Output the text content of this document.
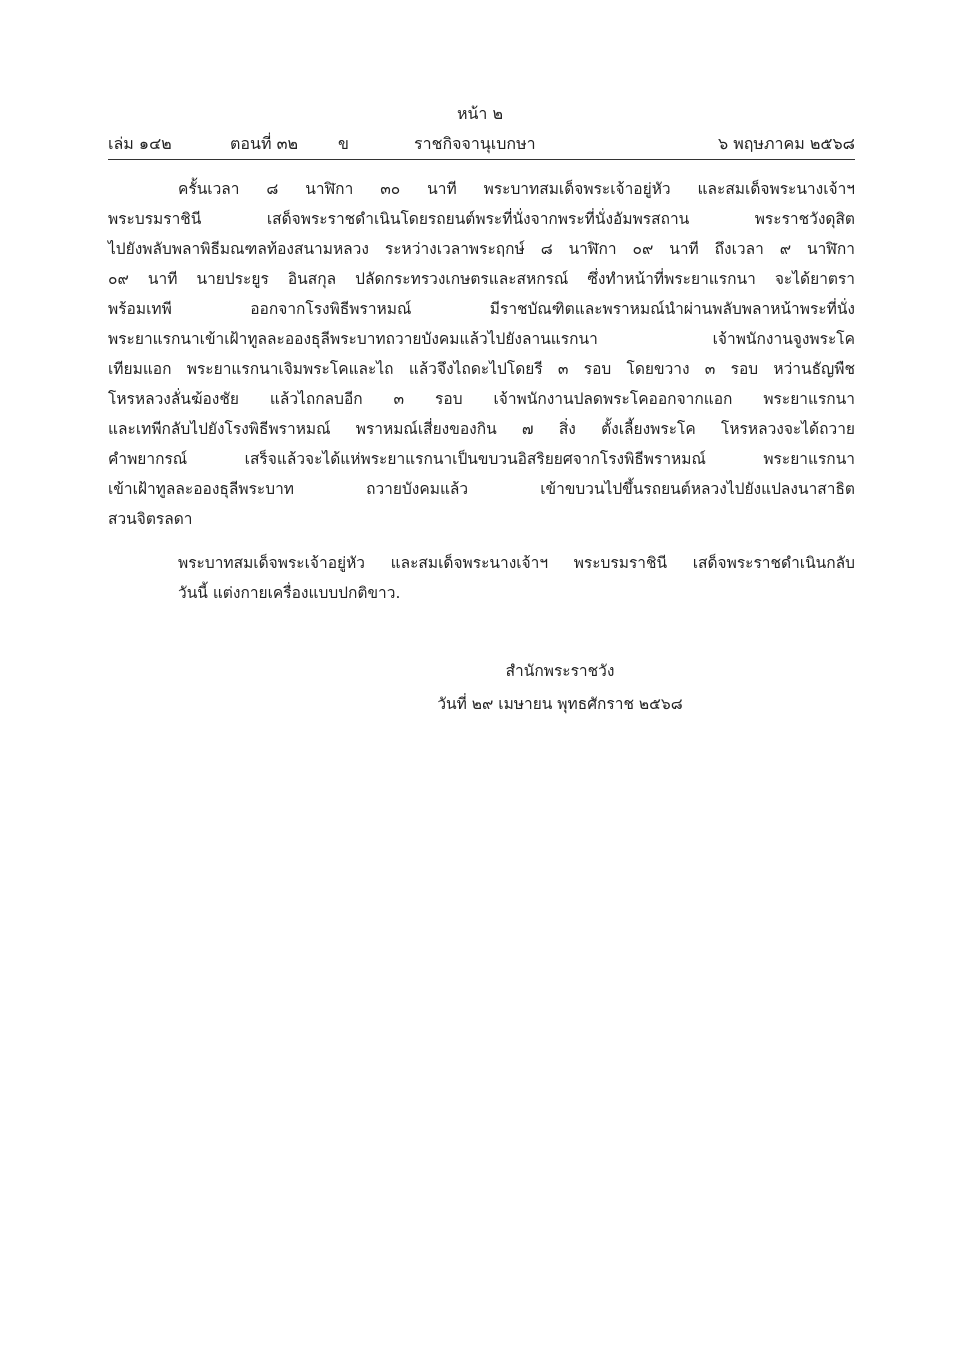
หน้า ๒
เล่ม ๑๔๒	ตอนที่ ๓๒ ข	ราชกิจจานุเบกษา	๖ พฤษภาคม ๒๕๖๘
ครั้นเวลา ๘ นาฬิกา ๓๐ นาที พระบาทสมเด็จพระเจ้าอยู่หัว และสมเด็จพระนางเจ้าฯ
พระบรมราชินี เสด็จพระราชดำเนินโดยรถยนต์พระที่นั่งจากพระที่นั่งอัมพรสถาน พระราชวังดุสิต
ไปยังพลับพลาพิธีมณฑลท้องสนามหลวง ระหว่างเวลาพระฤกษ์ ๘ นาฬิกา ๐๙ นาที ถึงเวลา ๙ นาฬิกา
๐๙ นาที นายประยูร อินสกุล ปลัดกระทรวงเกษตรและสหกรณ์ ซึ่งทำหน้าที่พระยาแรกนา จะได้ยาตรา
พร้อมเทพี ออกจากโรงพิธีพราหมณ์ มีราชบัณฑิตและพราหมณ์นำผ่านพลับพลาหน้าพระที่นั่ง
พระยาแรกนาเข้าเฝ้าทูลละอองธุลีพระบาทถวายบังคมแล้วไปยังลานแรกนา เจ้าพนักงานจูงพระโค
เทียมแอก พระยาแรกนาเจิมพระโคและไถ แล้วจึงไถดะไปโดยรี ๓ รอบ โดยขวาง ๓ รอบ หว่านธัญพืช
โหรหลวงลั่นฆ้องชัย แล้วไถกลบอีก ๓ รอบ เจ้าพนักงานปลดพระโคออกจากแอก พระยาแรกนา
และเทพีกลับไปยังโรงพิธีพราหมณ์ พราหมณ์เสี่ยงของกิน ๗ สิ่ง ตั้งเลี้ยงพระโค โหรหลวงจะได้ถวาย
คำพยากรณ์ เสร็จแล้วจะได้แห่พระยาแรกนาเป็นขบวนอิสริยยศจากโรงพิธีพราหมณ์ พระยาแรกนา
เข้าเฝ้าทูลละอองธุลีพระบาท ถวายบังคมแล้ว เข้าขบวนไปขึ้นรถยนต์หลวงไปยังแปลงนาสาธิต
สวนจิตรลดา
พระบาทสมเด็จพระเจ้าอยู่หัว และสมเด็จพระนางเจ้าฯ พระบรมราชินี เสด็จพระราชดำเนินกลับ
วันนี้ แต่งกายเครื่องแบบปกติขาว.
สำนักพระราชวัง
วันที่ ๒๙ เมษายน พุทธศักราช ๒๕๖๘
